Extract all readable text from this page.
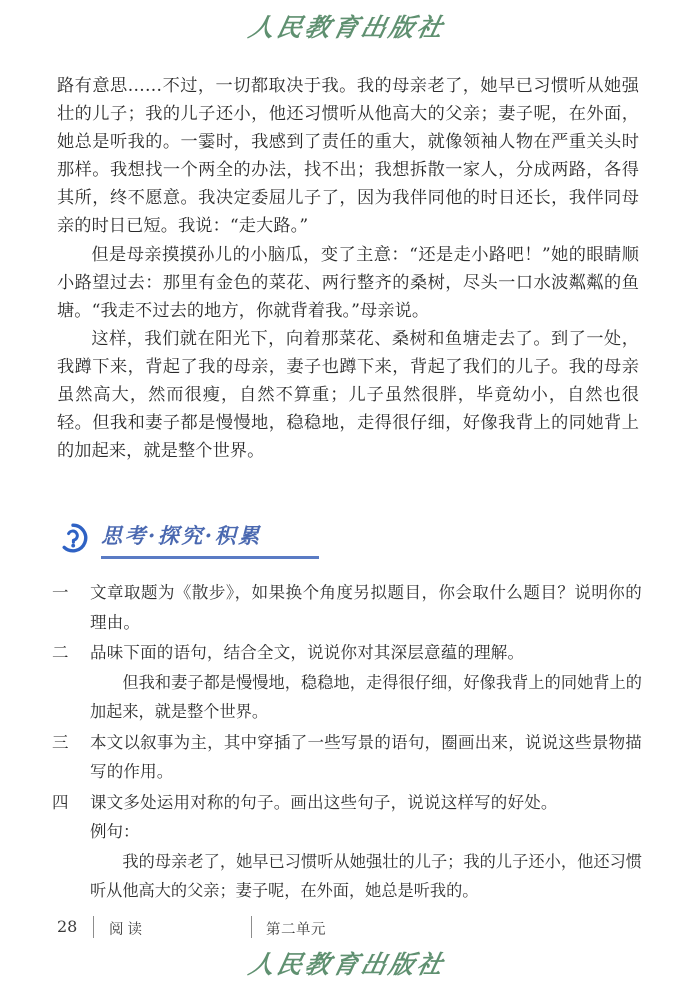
人民教育出版社

路有意思……不过，一切都取决于我。我的母亲老了，她早已习惯听从她强壮的儿子；我的儿子还小，他还习惯听从他高大的父亲；妻子呢，在外面，她总是听我的。一霎时，我感到了责任的重大，就像领袖人物在严重关头时那样。我想找一个两全的办法，找不出；我想拆散一家人，分成两路，各得其所，终不愿意。我决定委屈儿子了，因为我伴同他的时日还长，我伴同母亲的时日已短。我说：“走大路。”

但是母亲摸摸孙儿的小脑瓜，变了主意：“还是走小路吧！”她的眼睛顺小路望过去：那里有金色的菜花、两行整齐的桑树，尽头一口水波粼粼的鱼塘。“我走不过去的地方，你就背着我。”母亲说。

这样，我们就在阳光下，向着那菜花、桑树和鱼塘走去了。到了一处，我蹲下来，背起了我的母亲，妻子也蹲下来，背起了我们的儿子。我的母亲虽然高大，然而很瘦，自然不算重；儿子虽然很胖，毕竟幼小，自然也很轻。但我和妻子都是慢慢地，稳稳地，走得很仔细，好像我背上的同她背上的加起来，就是整个世界。

思考·探究·积累
一	文章取题为《散步》，如果换个角度另拟题目，你会取什么题目？说明你的理由。

二	品味下面的语句，结合全文，说说你对其深层意蕴的理解。

但我和妻子都是慢慢地，稳稳地，走得很仔细，好像我背上的同她背上的加起来，就是整个世界。

三	本文以叙事为主，其中穿插了一些写景的语句，圈画出来，说说这些景物描写的作用。

四	课文多处运用对称的句子。画出这些句子，说说这样写的好处。

例句：

我的母亲老了，她早已习惯听从她强壮的儿子；我的儿子还小，他还习惯听从他高大的父亲；妻子呢，在外面，她总是听我的。

28 阅读	第二单元
人民教育出版社
